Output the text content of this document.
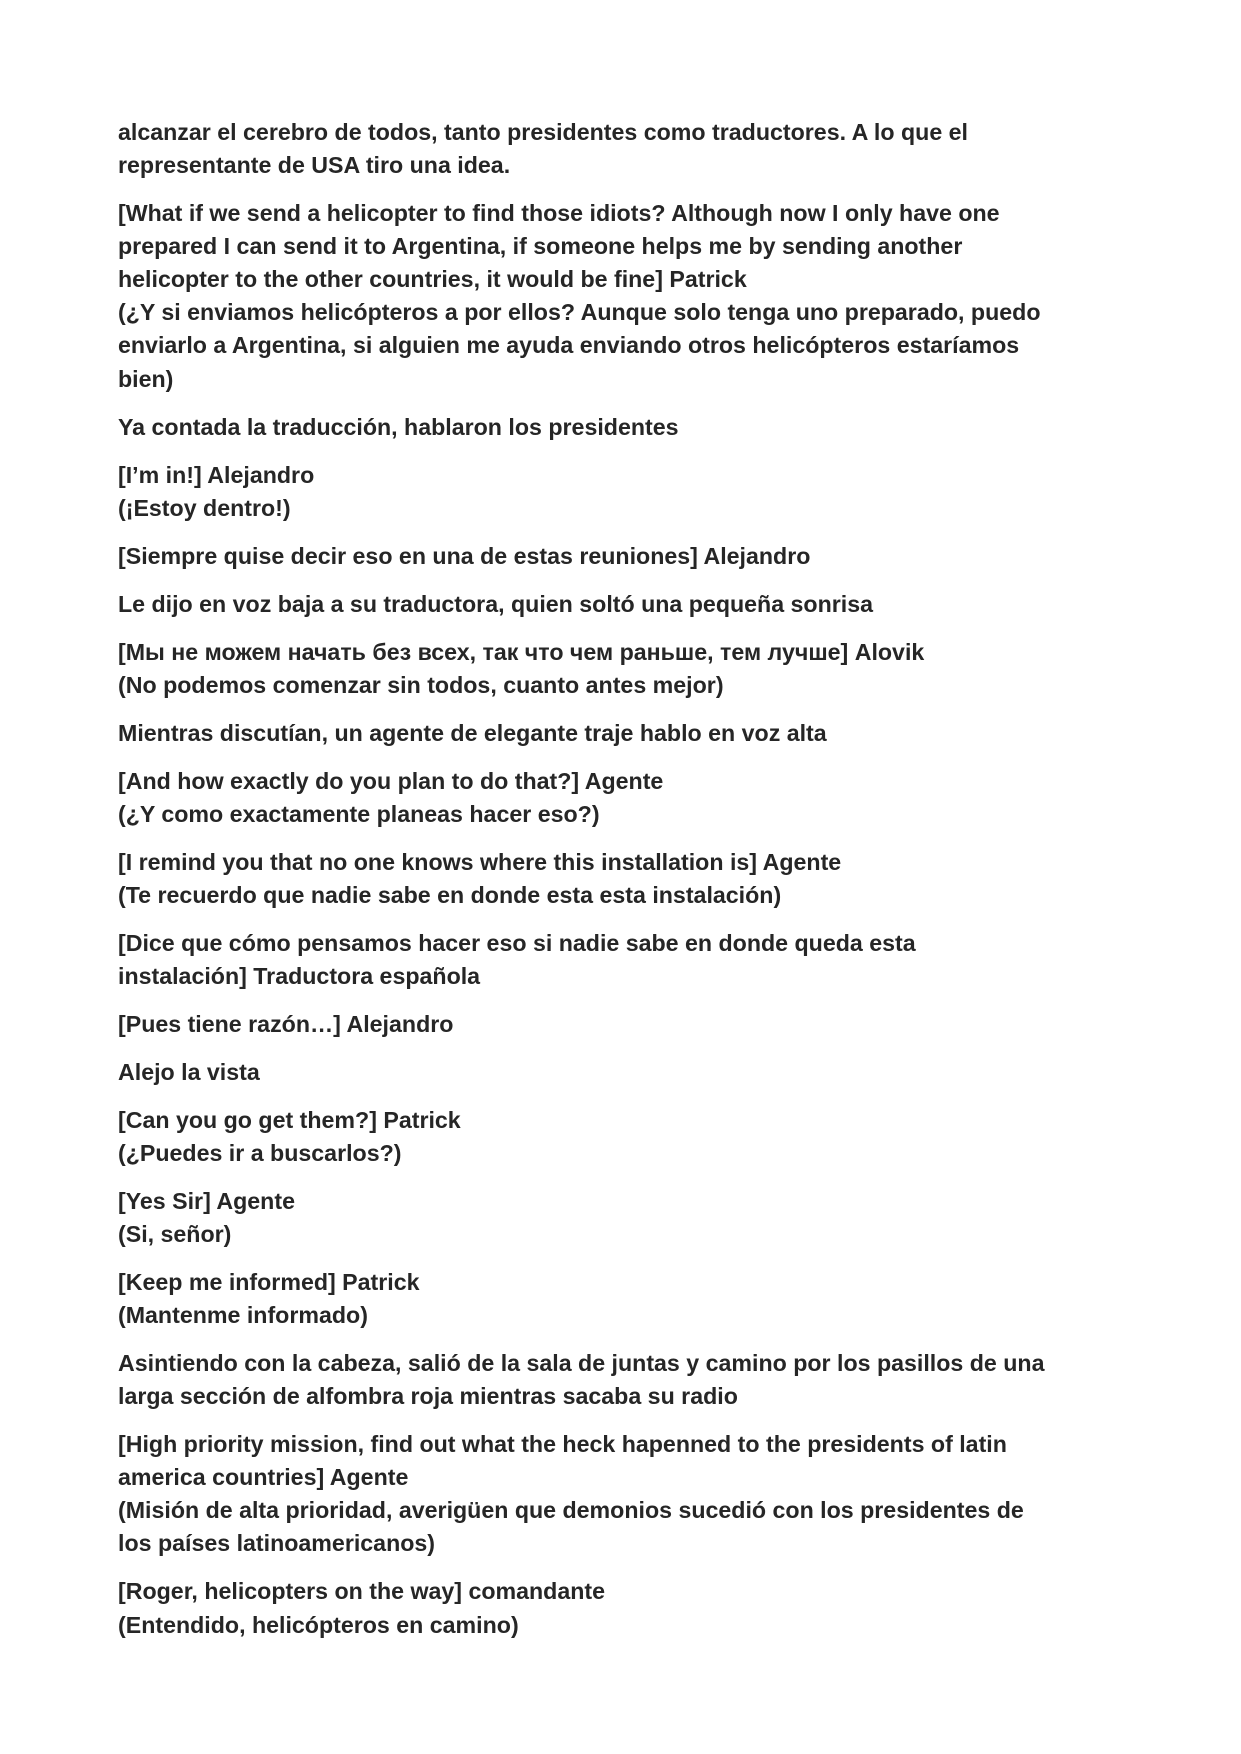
alcanzar el cerebro de todos, tanto presidentes como traductores. A lo que el
representante de USA tiro una idea.

[What if we send a helicopter to find those idiots? Although now I only have one
prepared I can send it to Argentina, if someone helps me by sending another
helicopter to the other countries, it would be fine] Patrick
(¿Y si enviamos helicópteros a por ellos? Aunque solo tenga uno preparado, puedo
enviarlo a Argentina, si alguien me ayuda enviando otros helicópteros estaríamos
bien)

Ya contada la traducción, hablaron los presidentes

[I’m in!] Alejandro
(¡Estoy dentro!)

[Siempre quise decir eso en una de estas reuniones] Alejandro

Le dijo en voz baja a su traductora, quien soltó una pequeña sonrisa

[Мы не можем начать без всех, так что чем раньше, тем лучше] Alovik
(No podemos comenzar sin todos, cuanto antes mejor)

Mientras discutían, un agente de elegante traje hablo en voz alta

[And how exactly do you plan to do that?] Agente
(¿Y como exactamente planeas hacer eso?)

[I remind you that no one knows where this installation is] Agente
(Te recuerdo que nadie sabe en donde esta esta instalación)

[Dice que cómo pensamos hacer eso si nadie sabe en donde queda esta
instalación] Traductora española

[Pues tiene razón…] Alejandro

Alejo la vista

[Can you go get them?] Patrick
(¿Puedes ir a buscarlos?)

[Yes Sir] Agente
(Si, señor)

[Keep me informed] Patrick
(Mantenme informado)

Asintiendo con la cabeza, salió de la sala de juntas y camino por los pasillos de una
larga sección de alfombra roja mientras sacaba su radio

[High priority mission, find out what the heck hapenned to the presidents of latin
america countries] Agente
(Misión de alta prioridad, averigüen que demonios sucedió con los presidentes de
los países latinoamericanos)

[Roger, helicopters on the way] comandante
(Entendido, helicópteros en camino)
